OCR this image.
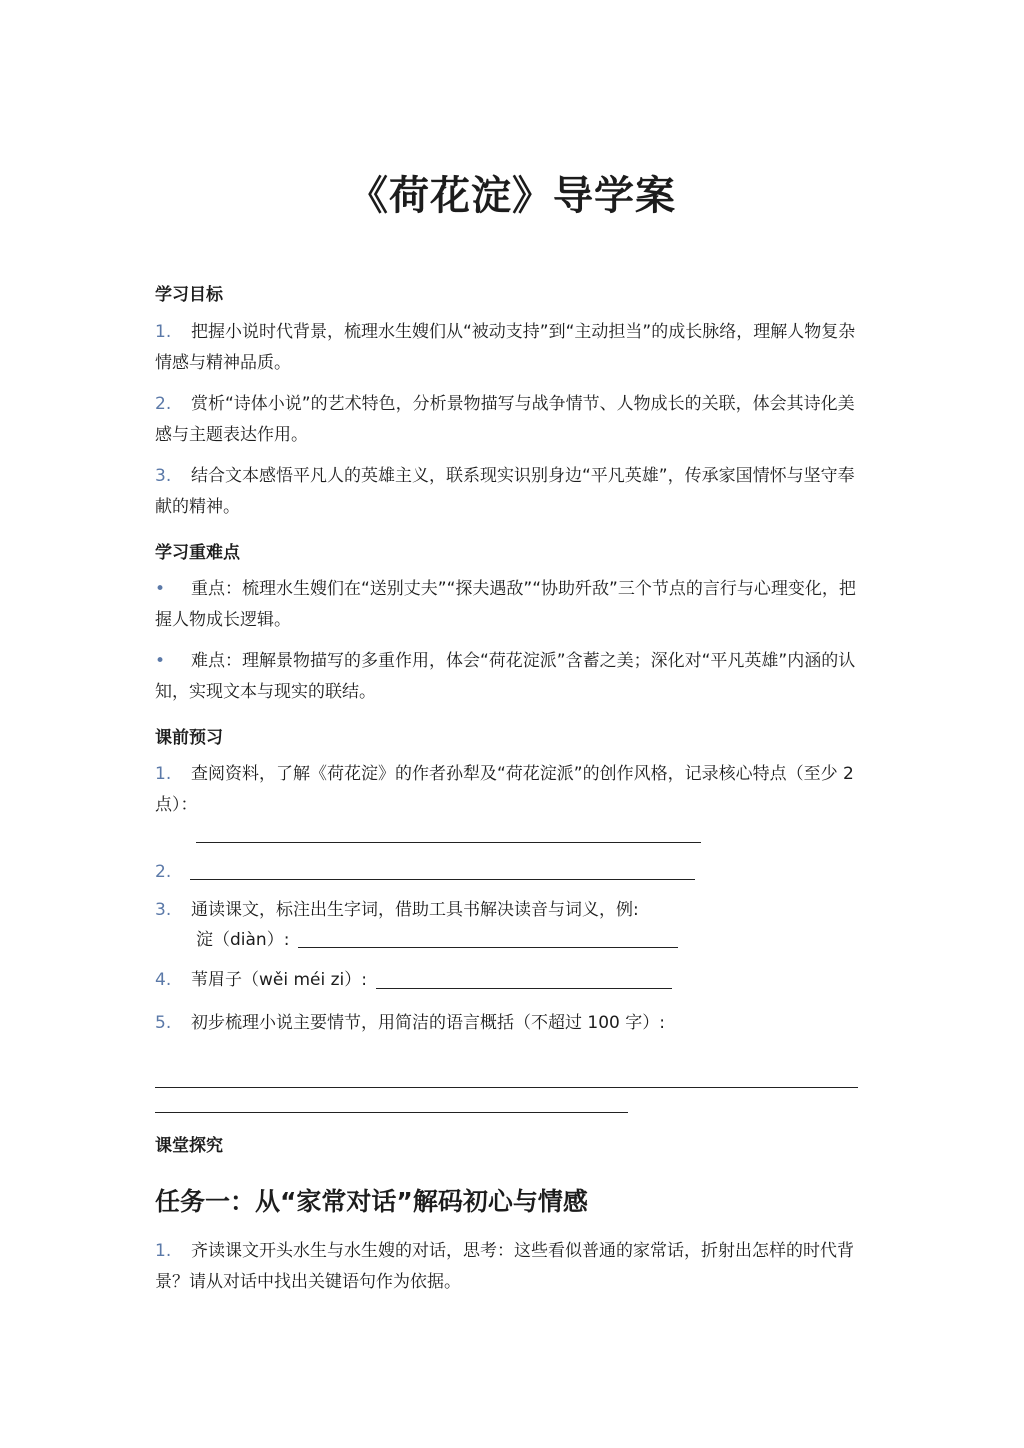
《荷花淀》导学案
学习目标
1. 把握小说时代背景，梳理水生嫂们从“被动支持”到“主动担当”的成长脉络，理解人物复杂情感与精神品质。
2. 赏析“诗体小说”的艺术特色，分析景物描写与战争情节、人物成长的关联，体会其诗化美感与主题表达作用。
3. 结合文本感悟平凡人的英雄主义，联系现实识别身边“平凡英雄”，传承家国情怀与坚守奉献的精神。
学习重难点
• 重点：梳理水生嫂们在“送别丈夫”“探夫遇敌”“协助歼敌”三个节点的言行与心理变化，把握人物成长逻辑。
• 难点：理解景物描写的多重作用，体会“荷花淀派”含蓄之美；深化对“平凡英雄”内涵的认知，实现文本与现实的联结。
课前预习
1. 查阅资料，了解《荷花淀》的作者孙犁及“荷花淀派”的创作风格，记录核心特点（至少 2 点）：
2.
3. 通读课文，标注出生字词，借助工具书解决读音与词义，例:
淀（diàn）:
4. 苇眉子（wěi méi zi）:
5. 初步梳理小说主要情节，用简洁的语言概括（不超过 100 字）:
课堂探究
任务一：从“家常对话”解码初心与情感
1. 齐读课文开头水生与水生嫂的对话，思考：这些看似普通的家常话，折射出怎样的时代背景？请从对话中找出关键语句作为依据。
